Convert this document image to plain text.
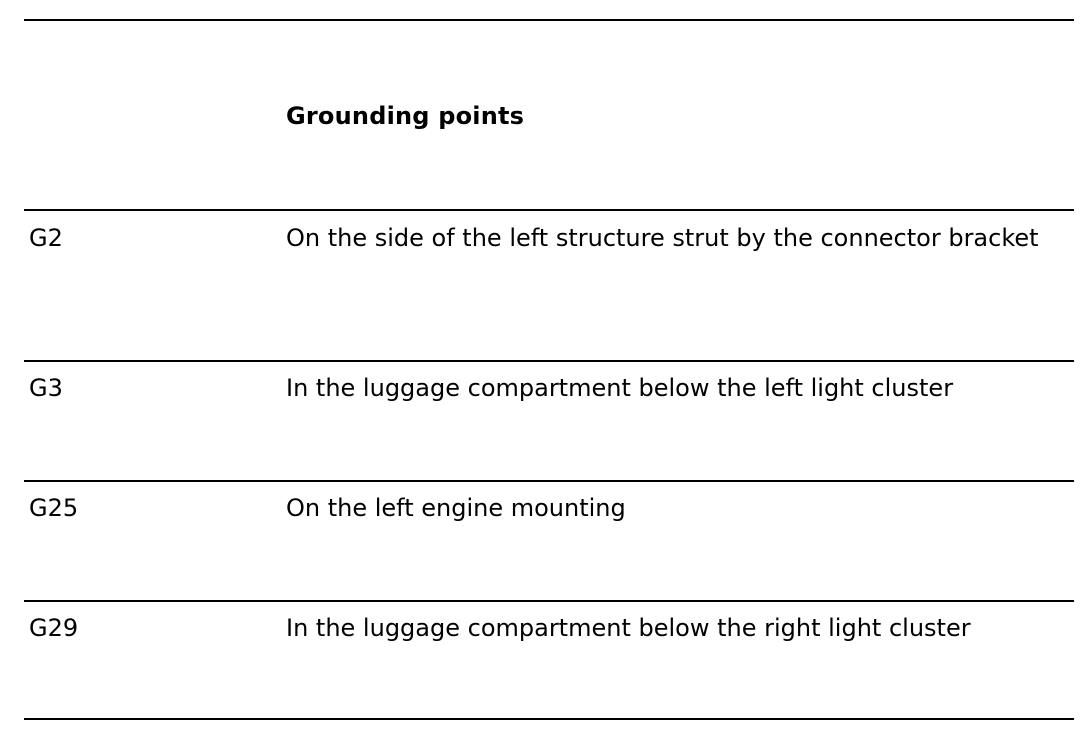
Grounding points
G2	On the side of the left structure strut by the connector bracket
G3	In the luggage compartment below the left light cluster
G25	On the left engine mounting
G29	In the luggage compartment below the right light cluster
